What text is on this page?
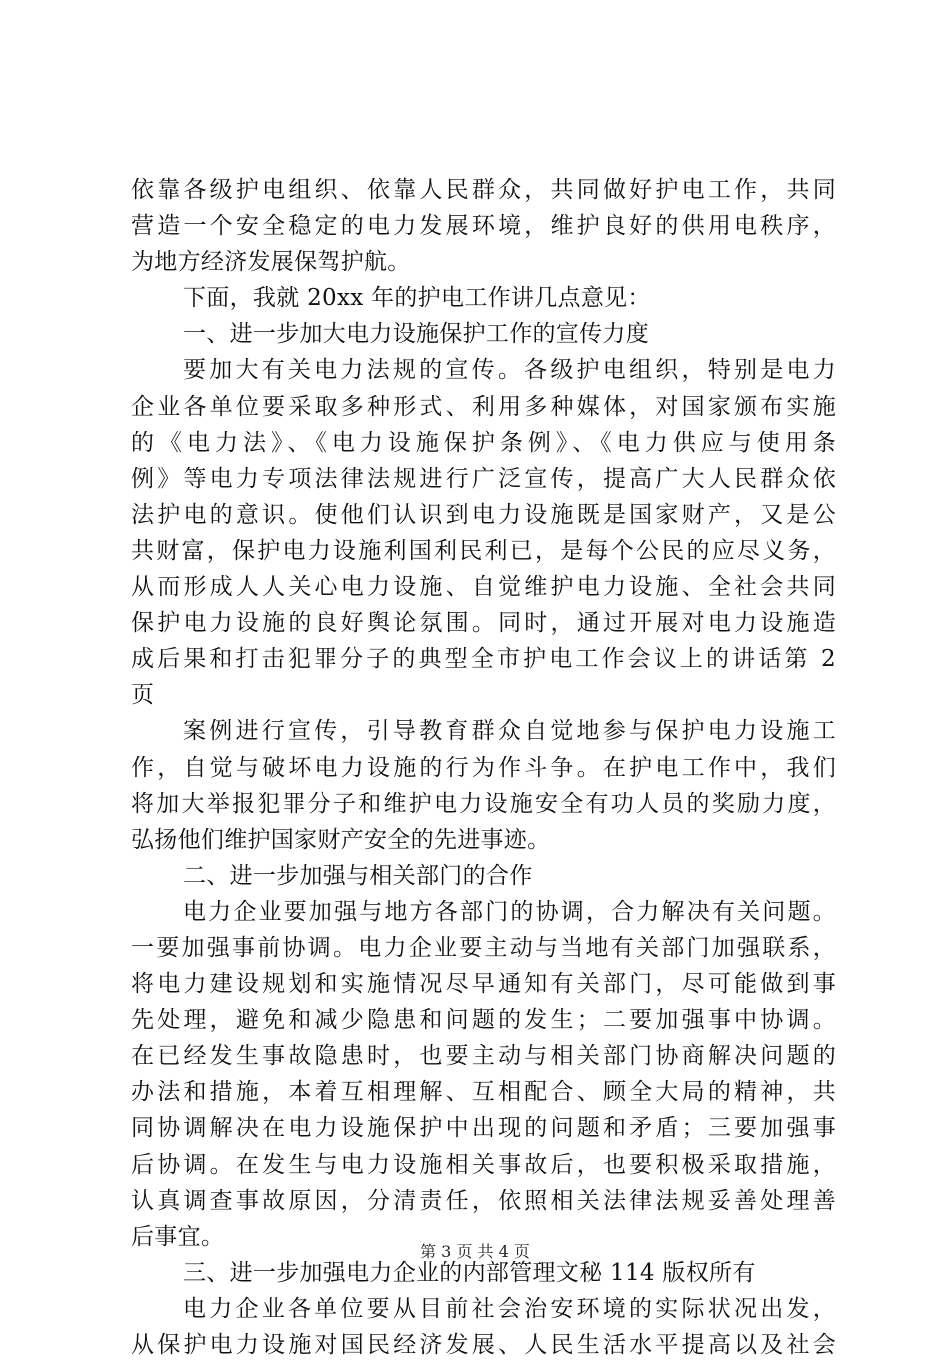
依靠各级护电组织、依靠人民群众，共同做好护电工作，共同
营造一个安全稳定的电力发展环境，维护良好的供用电秩序，
为地方经济发展保驾护航。
下面，我就 20xx 年的护电工作讲几点意见：
一、进一步加大电力设施保护工作的宣传力度
要加大有关电力法规的宣传。各级护电组织，特别是电力
企业各单位要采取多种形式、利用多种媒体，对国家颁布实施
的《电力法》、《电力设施保护条例》、《电力供应与使用条
例》等电力专项法律法规进行广泛宣传，提高广大人民群众依
法护电的意识。使他们认识到电力设施既是国家财产，又是公
共财富，保护电力设施利国利民利已，是每个公民的应尽义务，
从而形成人人关心电力设施、自觉维护电力设施、全社会共同
保护电力设施的良好舆论氛围。同时，通过开展对电力设施造
成后果和打击犯罪分子的典型全市护电工作会议上的讲话第 2
页
案例进行宣传，引导教育群众自觉地参与保护电力设施工
作，自觉与破坏电力设施的行为作斗争。在护电工作中，我们
将加大举报犯罪分子和维护电力设施安全有功人员的奖励力度，
弘扬他们维护国家财产安全的先进事迹。
二、进一步加强与相关部门的合作
电力企业要加强与地方各部门的协调，合力解决有关问题。
一要加强事前协调。电力企业要主动与当地有关部门加强联系，
将电力建设规划和实施情况尽早通知有关部门，尽可能做到事
先处理，避免和减少隐患和问题的发生；二要加强事中协调。
在已经发生事故隐患时，也要主动与相关部门协商解决问题的
办法和措施，本着互相理解、互相配合、顾全大局的精神，共
同协调解决在电力设施保护中出现的问题和矛盾；三要加强事
后协调。在发生与电力设施相关事故后，也要积极采取措施，
认真调查事故原因，分清责任，依照相关法律法规妥善处理善
后事宜。
三、进一步加强电力企业的内部管理文秘 114 版权所有
电力企业各单位要从目前社会治安环境的实际状况出发，
从保护电力设施对国民经济发展、人民生活水平提高以及社会
第 3 页 共 4 页
